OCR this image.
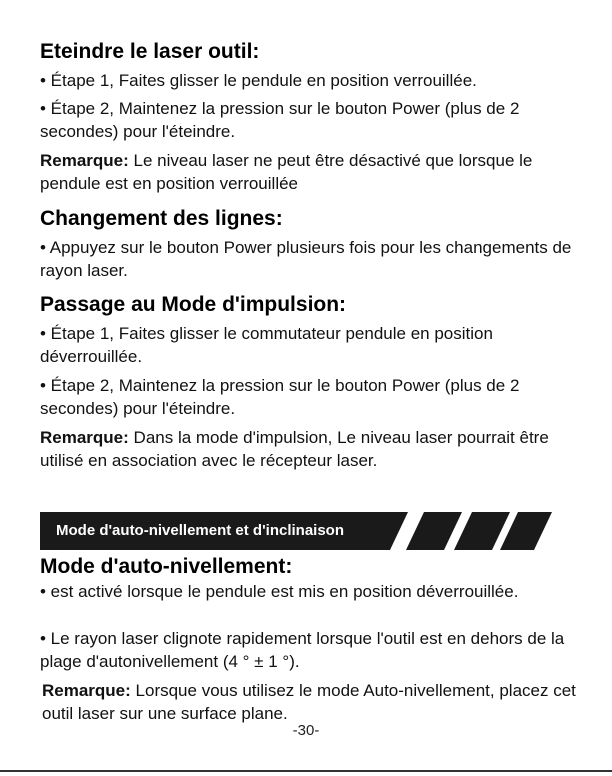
Eteindre le laser outil:

• Étape 1, Faites glisser le pendule en position verrouillée.

• Étape 2, Maintenez la pression sur le bouton Power (plus de 2 secondes) pour l'éteindre.

Remarque: Le niveau laser ne peut être désactivé que lorsque le pendule est en position verrouillée

Changement des lignes:

• Appuyez sur le bouton Power plusieurs fois pour les changements de rayon laser.

Passage au Mode d'impulsion:

• Étape 1, Faites glisser le commutateur pendule en position déverrouillée.

• Étape 2, Maintenez la pression sur le bouton Power (plus de 2 secondes) pour l'éteindre.

Remarque: Dans la mode d'impulsion, Le niveau laser pourrait être utilisé en association avec le récepteur laser.

Mode d'auto-nivellement et d'inclinaison
Mode d'auto-nivellement:

• est activé lorsque le pendule est mis en position déverrouillée.

• Le rayon laser clignote rapidement lorsque l'outil est en dehors de la plage d'autonivellement (4 ° ± 1 °).

Remarque: Lorsque vous utilisez le mode Auto-nivellement, placez cet outil laser sur une surface plane.

-30-
